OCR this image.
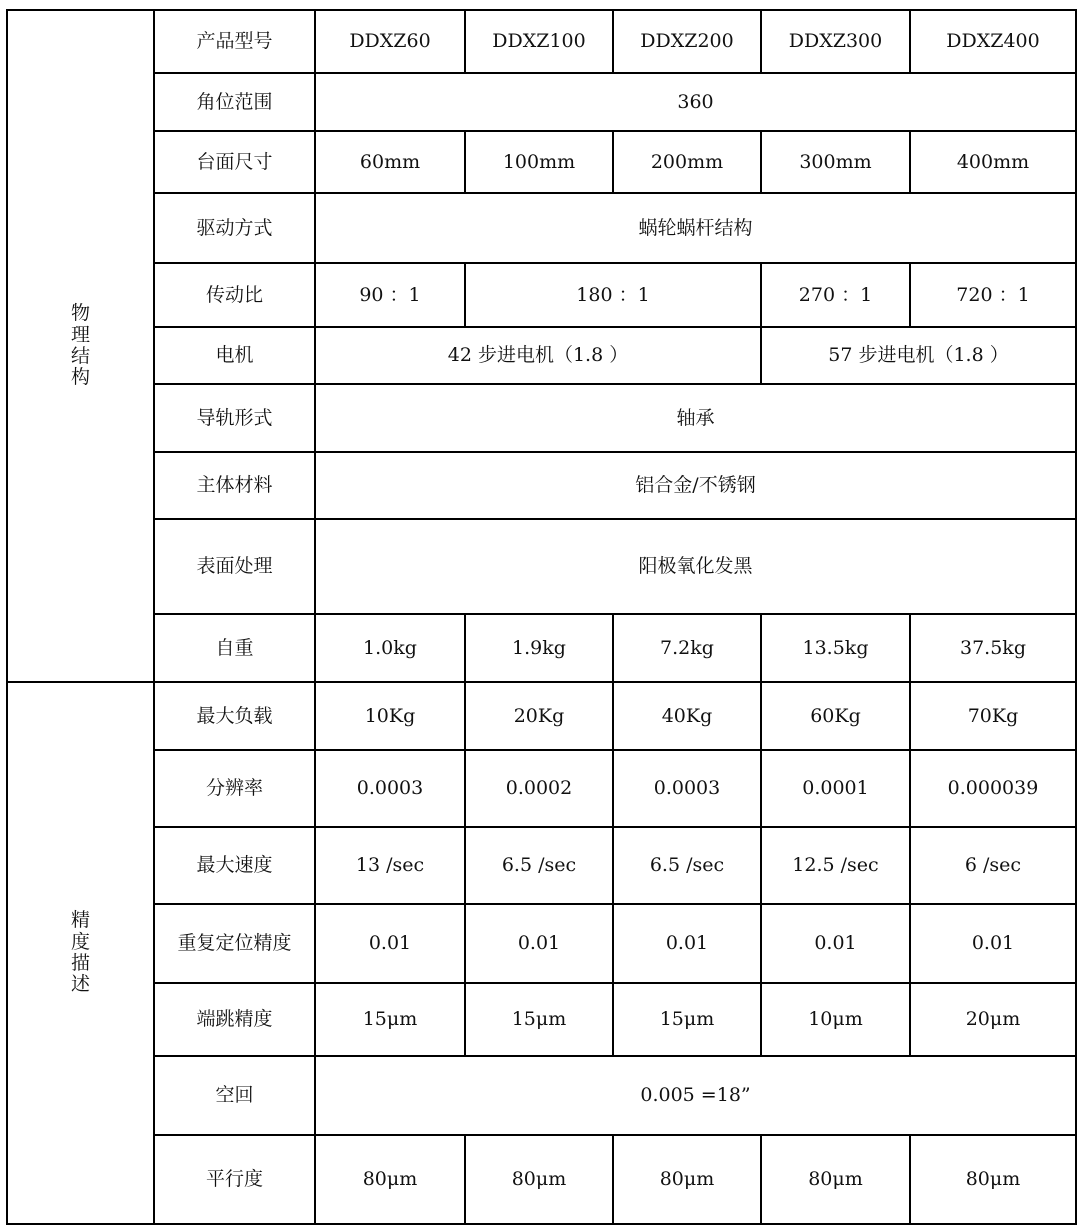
物理结构	产品型号	DDXZ60	DDXZ100	DDXZ200	DDXZ300	DDXZ400
	角位范围	360				
	台面尺寸	60mm	100mm	200mm	300mm	400mm
	驱动方式	蜗轮蜗杆结构				
	传动比	90 ：1	180 ：1		270 ：1	720 ：1
	电机	42 步进电机（1.8 ）			57 步进电机（1.8 ）	
	导轨形式	轴承				
	主体材料	铝合金/不锈钢				
	表面处理	阳极氧化发黑				
	自重	1.0kg	1.9kg	7.2kg	13.5kg	37.5kg
精度描述	最大负载	10Kg	20Kg	40Kg	60Kg	70Kg
	分辨率	0.0003	0.0002	0.0003	0.0001	0.000039
	最大速度	13 /sec	6.5 /sec	6.5 /sec	12.5 /sec	6 /sec
	重复定位精度	0.01	0.01	0.01	0.01	0.01
	端跳精度	15μm	15μm	15μm	10μm	20μm
	空回	0.005 =18”				
	平行度	80μm	80μm	80μm	80μm	80μm
